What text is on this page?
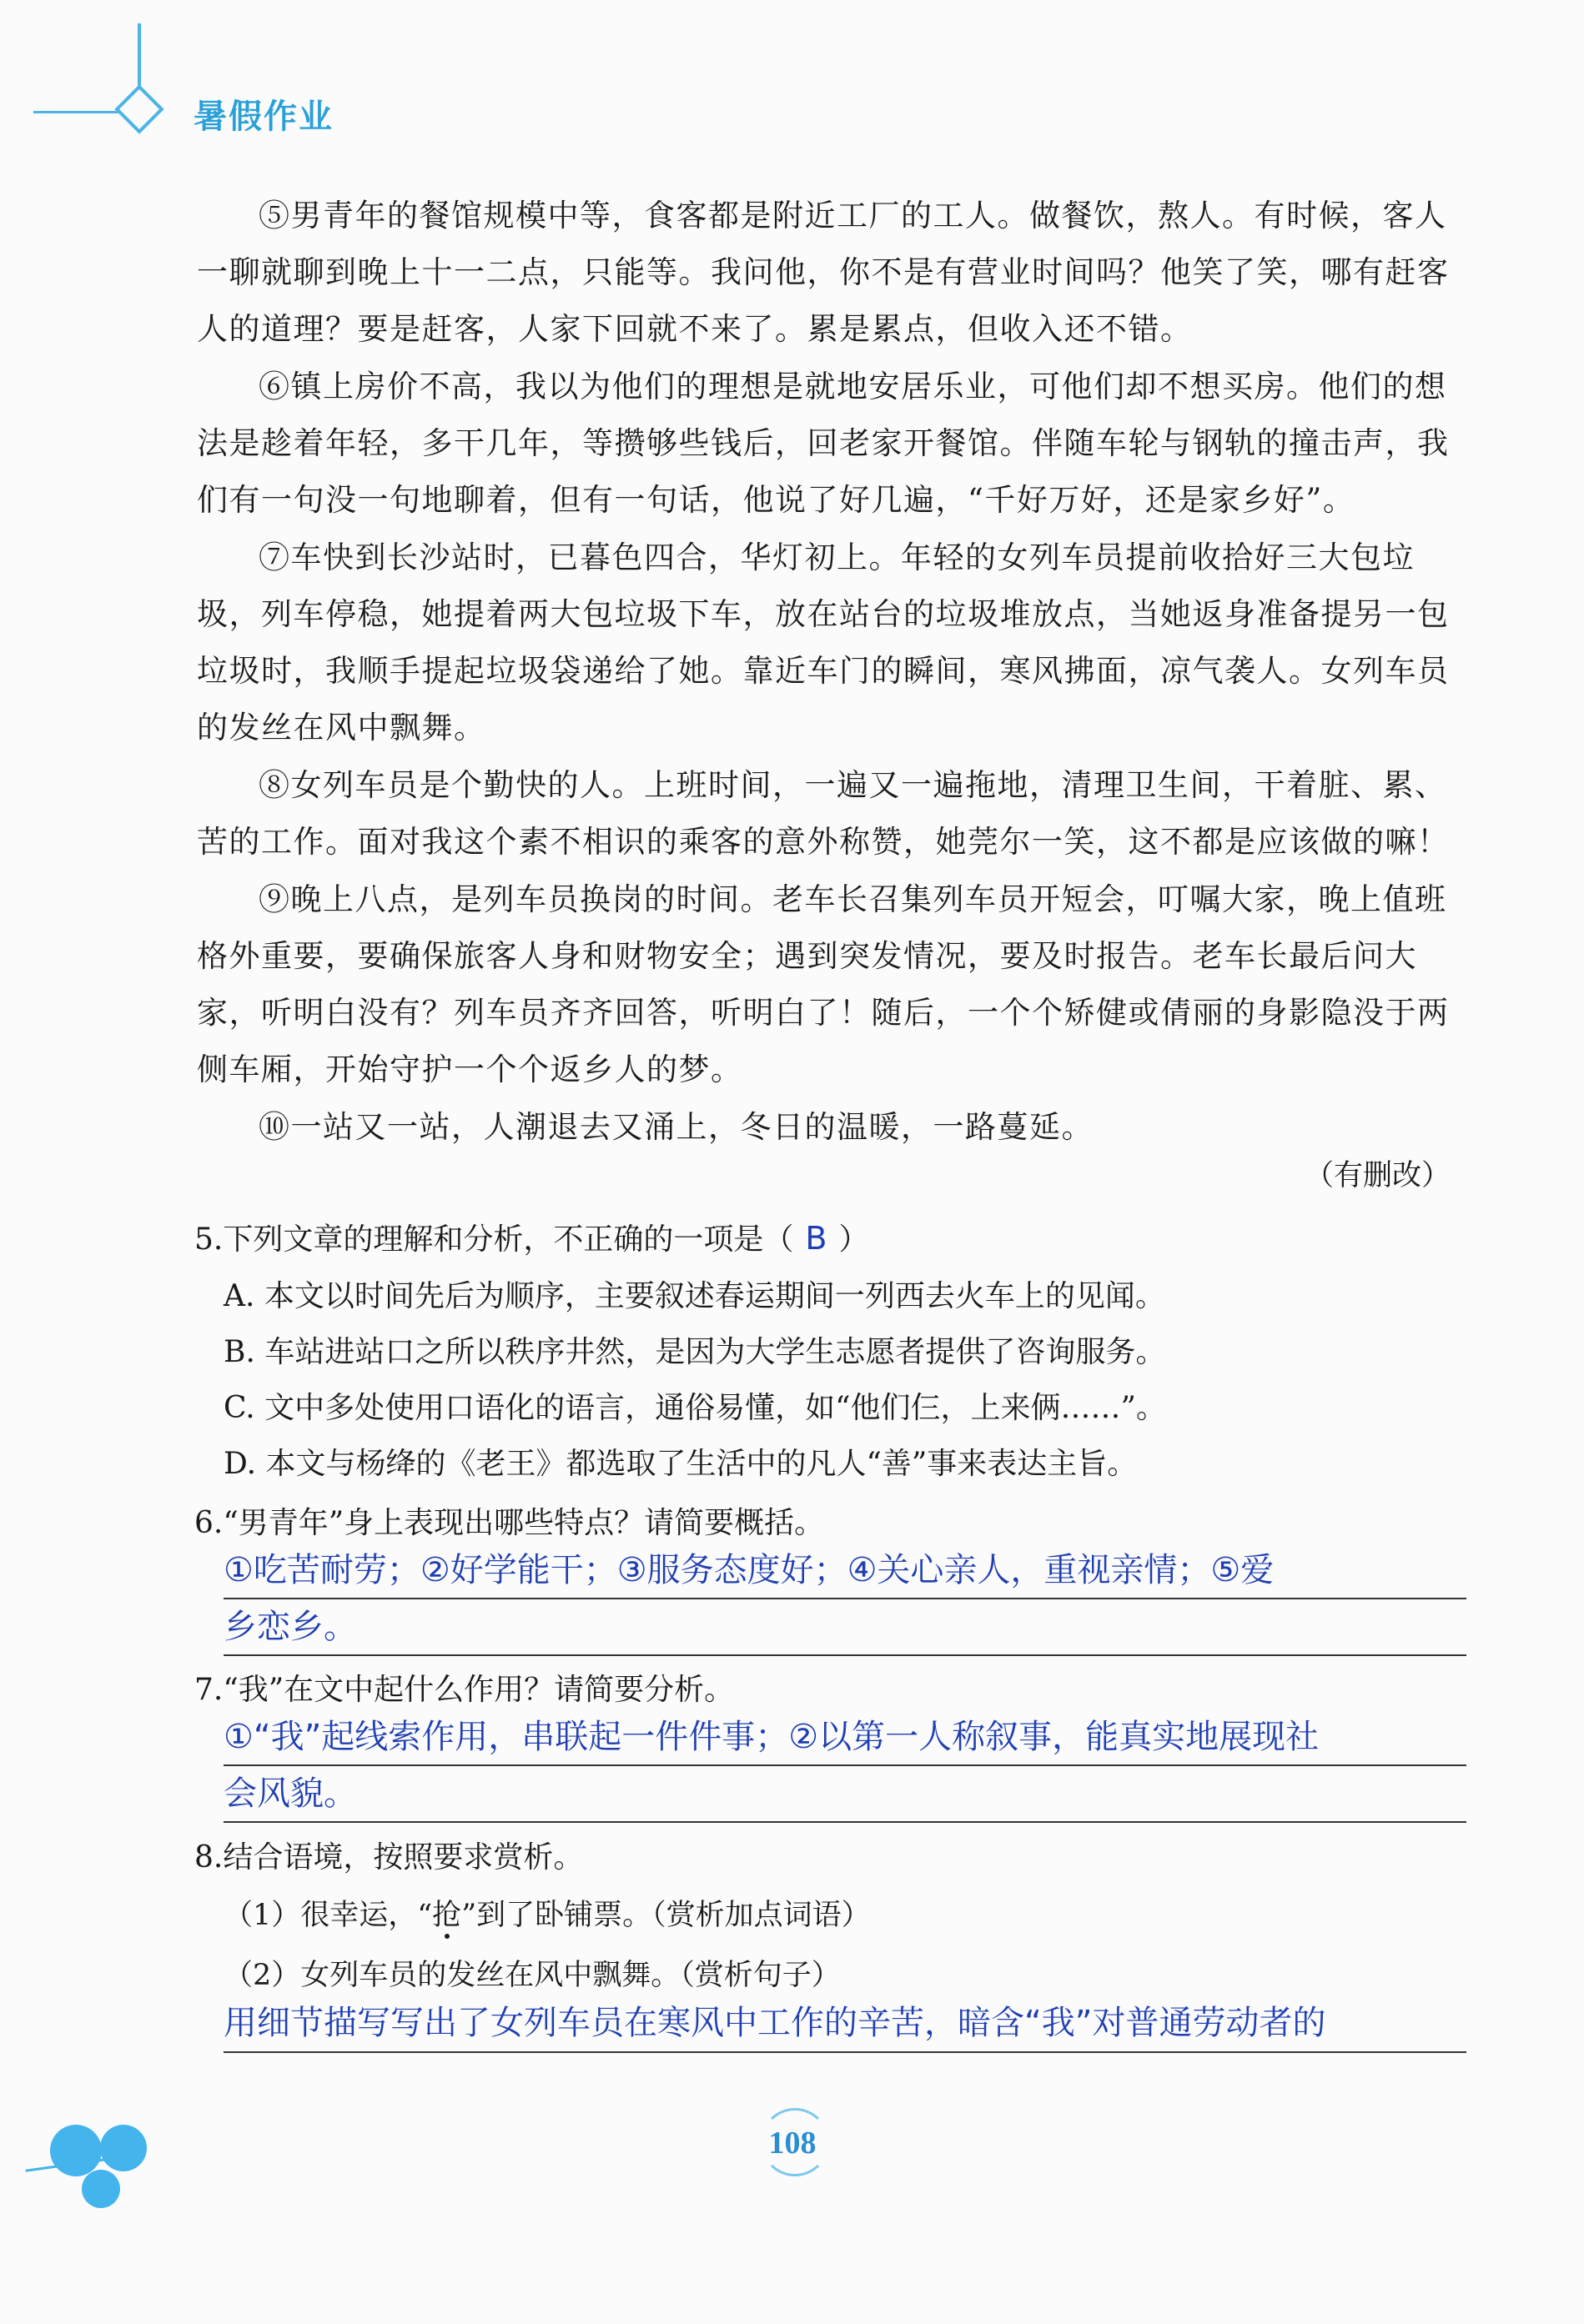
暑假作业

⑤男青年的餐馆规模中等，食客都是附近工厂的工人。做餐饮，熬人。有时候，客人一聊就聊到晚上十一二点，只能等。我问他，你不是有营业时间吗？他笑了笑，哪有赶客人的道理？要是赶客，人家下回就不来了。累是累点，但收入还不错。

⑥镇上房价不高，我以为他们的理想是就地安居乐业，可他们却不想买房。他们的想法是趁着年轻，多干几年，等攒够些钱后，回老家开餐馆。伴随车轮与钢轨的撞击声，我们有一句没一句地聊着，但有一句话，他说了好几遍，“千好万好，还是家乡好”。

⑦车快到长沙站时，已暮色四合，华灯初上。年轻的女列车员提前收拾好三大包垃圾，列车停稳，她提着两大包垃圾下车，放在站台的垃圾堆放点，当她返身准备提另一包垃圾时，我顺手提起垃圾袋递给了她。靠近车门的瞬间，寒风拂面，凉气袭人。女列车员的发丝在风中飘舞。

⑧女列车员是个勤快的人。上班时间，一遍又一遍拖地，清理卫生间，干着脏、累、苦的工作。面对我这个素不相识的乘客的意外称赞，她莞尔一笑，这不都是应该做的嘛！

⑨晚上八点，是列车员换岗的时间。老车长召集列车员开短会，叮嘱大家，晚上值班格外重要，要确保旅客人身和财物安全；遇到突发情况，要及时报告。老车长最后问大家，听明白没有？列车员齐齐回答，听明白了！随后，一个个矫健或倩丽的身影隐没于两侧车厢，开始守护一个个返乡人的梦。

⑩一站又一站，人潮退去又涌上，冬日的温暖，一路蔓延。

（有删改）

5.下列文章的理解和分析，不正确的一项是（ B ）

A. 本文以时间先后为顺序，主要叙述春运期间一列西去火车上的见闻。

B. 车站进站口之所以秩序井然，是因为大学生志愿者提供了咨询服务。

C. 文中多处使用口语化的语言，通俗易懂，如“他们仨，上来俩……”。

D. 本文与杨绛的《老王》都选取了生活中的凡人“善”事来表达主旨。

6.“男青年”身上表现出哪些特点？请简要概括。

①吃苦耐劳；②好学能干；③服务态度好；④关心亲人，重视亲情；⑤爱

乡恋乡。

7.“我”在文中起什么作用？请简要分析。

①“我”起线索作用，串联起一件件事；②以第一人称叙事，能真实地展现社

会风貌。

8.结合语境，按照要求赏析。

（1）很幸运，“抢”到了卧铺票。（赏析加点词语）

（2）女列车员的发丝在风中飘舞。（赏析句子）

用细节描写写出了女列车员在寒风中工作的辛苦，暗含“我”对普通劳动者的

108
